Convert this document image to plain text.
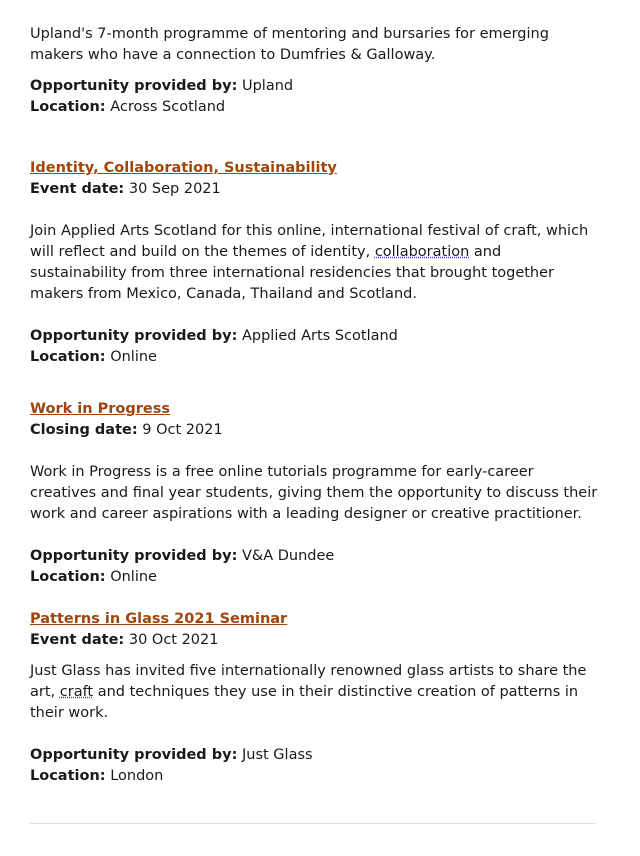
Upland's 7-month programme of mentoring and bursaries for emerging makers who have a connection to Dumfries & Galloway.

Opportunity provided by: Upland

Location: Across Scotland

Identity, Collaboration, Sustainability

Event date: 30 Sep 2021

Join Applied Arts Scotland for this online, international festival of craft, which will reflect and build on the themes of identity, collaboration and sustainability from three international residencies that brought together makers from Mexico, Canada, Thailand and Scotland.

Opportunity provided by: Applied Arts Scotland

Location: Online

Work in Progress

Closing date: 9 Oct 2021

Work in Progress is a free online tutorials programme for early-career creatives and final year students, giving them the opportunity to discuss their work and career aspirations with a leading designer or creative practitioner.

Opportunity provided by: V&A Dundee

Location: Online

Patterns in Glass 2021 Seminar

Event date: 30 Oct 2021

Just Glass has invited five internationally renowned glass artists to share the art, craft and techniques they use in their distinctive creation of patterns in their work.

Opportunity provided by: Just Glass

Location: London
